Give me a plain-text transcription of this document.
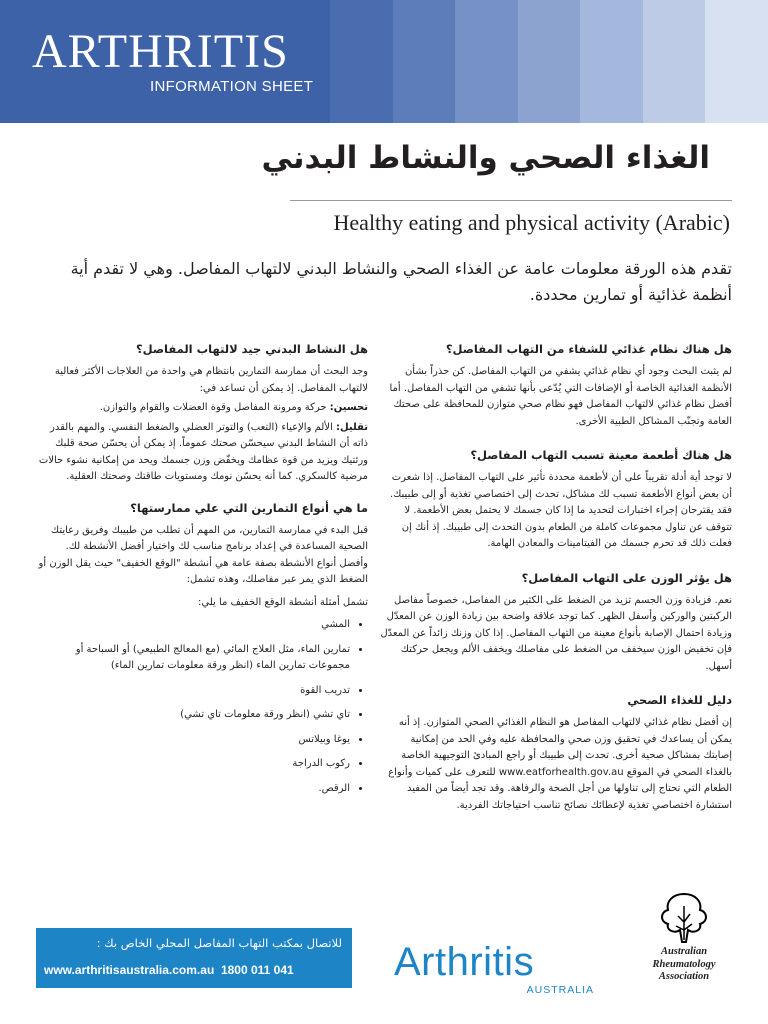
ARTHRITIS
INFORMATION SHEET
الغذاء الصحي والنشاط البدني
Healthy eating and physical activity (Arabic)
تقدم هذه الورقة معلومات عامة عن الغذاء الصحي والنشاط البدني لالتهاب المفاصل. وهي لا تقدم أية أنظمة غذائية أو تمارين محددة.
هل هناك نظام غذائي للشفاء من التهاب المفاصل؟

لم يثبت البحث وجود أي نظام غذائي يشفي من التهاب المفاصل. كن حذراً بشأن الأنظمة الغذائية الخاصة أو الإضافات التي يُدّعى بأنها تشفي من التهاب المفاصل. أما أفضل نظام غذائي لالتهاب المفاصل فهو نظام صحي متوازن للمحافظة على صحتك العامة وتجنّب المشاكل الطبية الأخرى.

هل هناك أطعمة معينة تسبب التهاب المفاصل؟

لا توجد أية أدلة تقريباً على أن لأطعمة محددة تأثير على التهاب المفاصل. إذا شعرت أن بعض أنواع الأطعمة تسبب لك مشاكل، تحدث إلى اختصاصي تغذية أو إلى طبيبك. فقد يقترحان إجراء اختبارات لتحديد ما إذا كان جسمك لا يحتمل بعض الأطعمة. لا تتوقف عن تناول مجموعات كاملة من الطعام بدون التحدث إلى طبيبك. إذ أنك إن فعلت ذلك قد تحرم جسمك من الفيتامينات والمعادن الهامة.

هل يؤثر الوزن على التهاب المفاصل؟

نعم. فزيادة وزن الجسم تزيد من الضغط على الكثير من المفاصل، خصوصاً مفاصل الركبتين والوركين وأسفل الظهر. كما توجد علاقة واضحة بين زيادة الوزن عن المعدّل وزيادة احتمال الإصابة بأنواع معينة من التهاب المفاصل. إذا كان وزنك زائداً عن المعدّل فإن تخفيض الوزن سيخفف من الضغط على مفاصلك ويخفف الألم ويجعل حركتك أسهل.

دليل للغذاء الصحي

إن أفضل نظام غذائي لالتهاب المفاصل هو النظام الغذائي الصحي المتوازن. إذ أنه يمكن أن يساعدك في تحقيق وزن صحي والمحافظة عليه وفي الحد من إمكانية إصابتك بمشاكل صحية أخرى. تحدث إلى طبيبك أو راجع المبادئ التوجيهية الخاصة بالغذاء الصحي في الموقع www.eatforhealth.gov.au للتعرف على كميات وأنواع الطعام التي تحتاج إلى تناولها من أجل الصحة والرفاهة. وقد تجد أيضاً من المفيد استشارة اختصاصي تغذية لإعطائك نصائح تناسب احتياجاتك الفردية.

هل النشاط البدني جيد لالتهاب المفاصل؟

وجد البحث أن ممارسة التمارين بانتظام هي واحدة من العلاجات الأكثر فعالية لالتهاب المفاصل. إذ يمكن أن تساعد في:

تحسين: حركة ومرونة المفاصل وقوة العضلات والقوام والتوازن.

تقليل: الألم والإعياء (التعب) والتوتر العضلي والضغط النفسي. والمهم بالقدر ذاته أن النشاط البدني سيحسّن صحتك عموماً. إذ يمكن أن يحسّن صحة قلبك ورئتيك ويزيد من قوة عظامك ويخفّض وزن جسمك ويحد من إمكانية نشوء حالات مرضية كالسكري. كما أنه يحسّن نومك ومستويات طاقتك وصحتك العقلية.

ما هي أنواع التمارين التي علي ممارستها؟

قبل البدء في ممارسة التمارين، من المهم أن تطلب من طبيبك وفريق رعايتك الصحية المساعدة في إعداد برنامج مناسب لك واختيار أفضل الأنشطة لك. وأفضل أنواع الأنشطة بصفة عامة هي أنشطة "الوقع الخفيف" حيث يقل الوزن أو الضغط الذي يمر عبر مفاصلك، وهذه تشمل:

تشمل أمثلة أنشطة الوقع الخفيف ما يلي:

• المشي
• تمارين الماء، مثل العلاج المائي (مع المعالج الطبيعي) أو السباحة أو مجموعات تمارين الماء (انظر ورقة معلومات تمارين الماء)
• تدريب القوة
• تاي تشي (انظر ورقة معلومات تاي تشي)
• يوغا وبيلاتس
• ركوب الدراجة
• الرقص.
للاتصال بمكتب التهاب المفاصل المحلي الخاص بك :
www.arthritisaustralia.com.au 1800 011 041	Arthritis
AUSTRALIA
Australian
Rheumatology
Association
